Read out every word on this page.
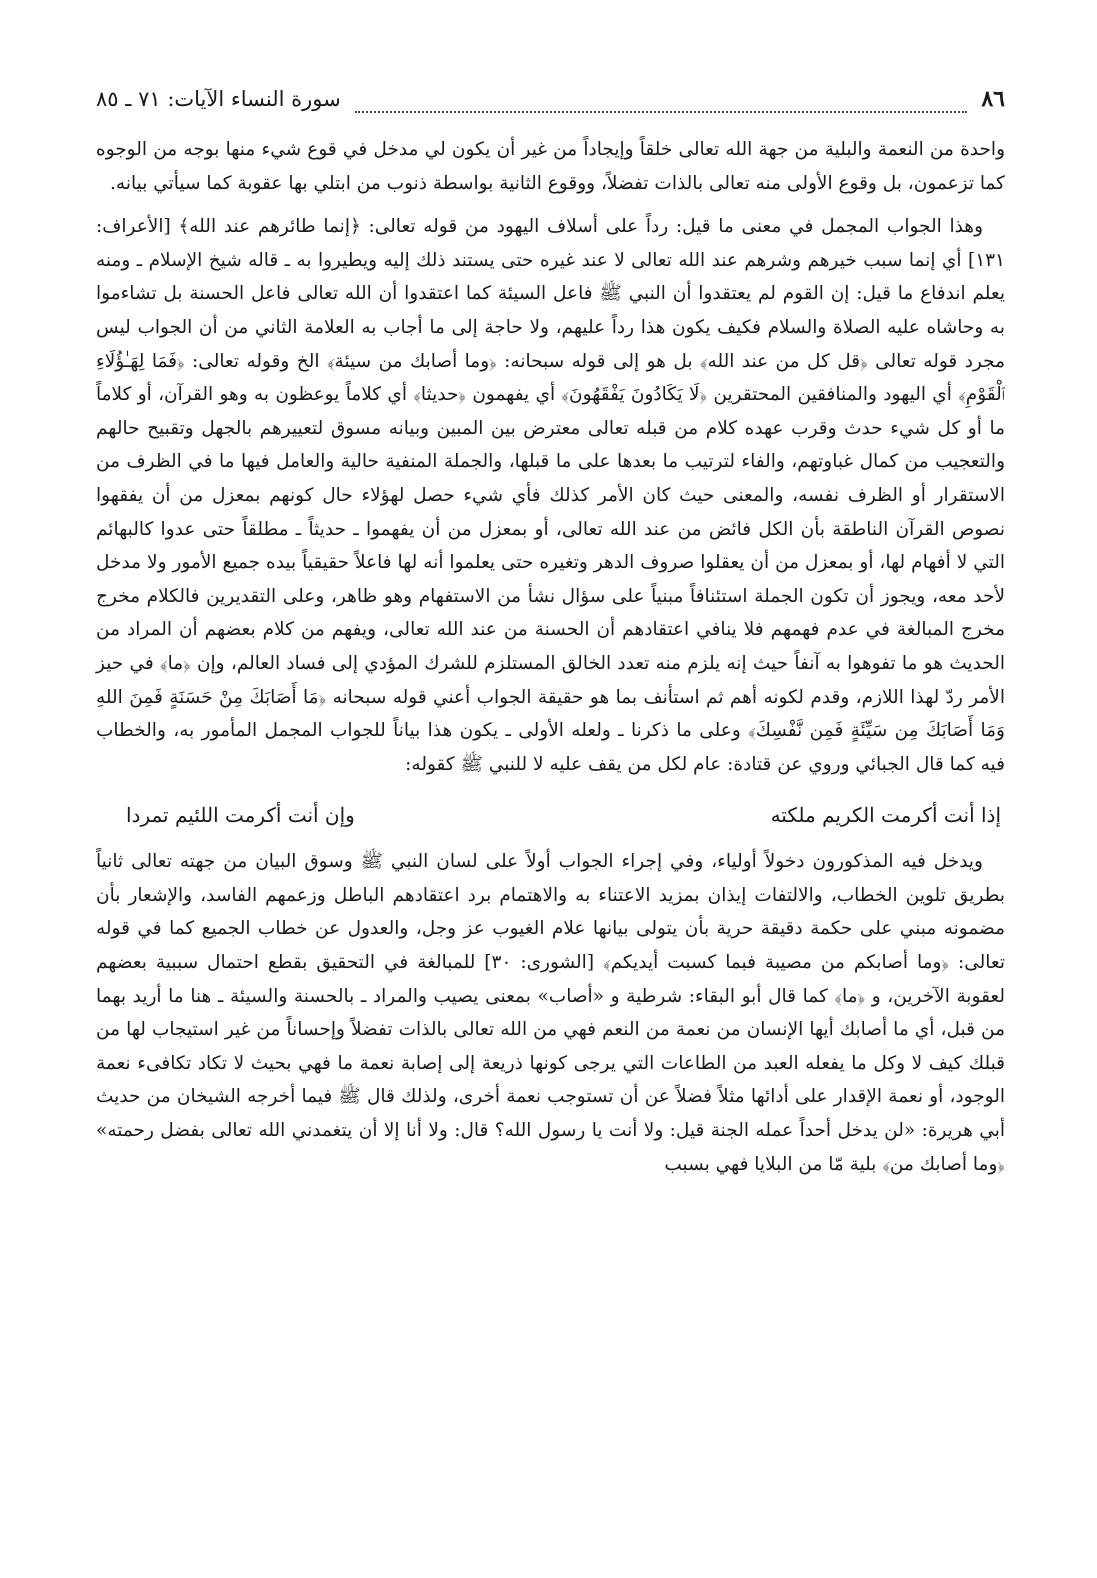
٨٦
سورة النساء الآيات: ٧١ ـ ٨٥

واحدة من النعمة والبلية من جهة الله تعالى خلقاً وإيجاداً من غير أن يكون لي مدخل في قوع شيء منها بوجه من الوجوه كما تزعمون، بل وقوع الأولى منه تعالى بالذات تفضلاً، ووقوع الثانية بواسطة ذنوب من ابتلي بها عقوبة كما سيأتي بيانه.

وهذا الجواب المجمل في معنى ما قيل: رداً على أسلاف اليهود من قوله تعالى: ﴿إنما طائرهم عند الله﴾ [الأعراف: ١٣١] أي إنما سبب خيرهم وشرهم عند الله تعالى لا عند غيره حتى يستند ذلك إليه ويطيروا به ـ قاله شيخ الإسلام ـ ومنه يعلم اندفاع ما قيل: إن القوم لم يعتقدوا أن النبي ﷺ فاعل السيئة كما اعتقدوا أن الله تعالى فاعل الحسنة بل تشاءموا به وحاشاه عليه الصلاة والسلام فكيف يكون هذا رداً عليهم، ولا حاجة إلى ما أجاب به العلامة الثاني من أن الجواب ليس مجرد قوله تعالى ﴿قل كل من عند الله﴾ بل هو إلى قوله سبحانه: ﴿وما أصابك من سيئة﴾ الخ وقوله تعالى: ﴿فَمَا لِهَـٰؤُلَاءِ ٱلْقَوْمِ﴾ أي اليهود والمنافقين المحتقرين ﴿لَا يَكَادُونَ يَفْقَهُونَ﴾ أي يفهمون ﴿حديثا﴾ أي كلاماً يوعظون به وهو القرآن، أو كلاماً ما أو كل شيء حدث وقرب عهده كلام من قبله تعالى معترض بين المبين وبيانه مسوق لتعييرهم بالجهل وتقبيح حالهم والتعجيب من كمال غباوتهم، والفاء لترتيب ما بعدها على ما قبلها، والجملة المنفية حالية والعامل فيها ما في الظرف من الاستقرار أو الظرف نفسه، والمعنى حيث كان الأمر كذلك فأي شيء حصل لهؤلاء حال كونهم بمعزل من أن يفقهوا نصوص القرآن الناطقة بأن الكل فائض من عند الله تعالى، أو بمعزل من أن يفهموا ـ حديثاً ـ مطلقاً حتى عدوا كالبهائم التي لا أفهام لها، أو بمعزل من أن يعقلوا صروف الدهر وتغيره حتى يعلموا أنه لها فاعلاً حقيقياً بيده جميع الأمور ولا مدخل لأحد معه، ويجوز أن تكون الجملة استئنافاً مبنياً على سؤال نشأ من الاستفهام وهو ظاهر، وعلى التقديرين فالكلام مخرج مخرج المبالغة في عدم فهمهم فلا ينافي اعتقادهم أن الحسنة من عند الله تعالى، ويفهم من كلام بعضهم أن المراد من الحديث هو ما تفوهوا به آنفاً حيث إنه يلزم منه تعدد الخالق المستلزم للشرك المؤدي إلى فساد العالم، وإن ﴿ما﴾ في حيز الأمر ردّ لهذا اللازم، وقدم لكونه أهم ثم استأنف بما هو حقيقة الجواب أعني قوله سبحانه ﴿مَا أَصَابَكَ مِنْ حَسَنَةٍ فَمِنَ اللهِ وَمَا أَصَابَكَ مِن سَيِّئَةٍ فَمِن نَّفْسِكَ﴾ وعلى ما ذكرنا ـ ولعله الأولى ـ يكون هذا بياناً للجواب المجمل المأمور به، والخطاب فيه كما قال الجبائي وروي عن قتادة: عام لكل من يقف عليه لا للنبي ﷺ كقوله:

إذا أنت أكرمت الكريم ملكته
وإن أنت أكرمت اللئيم تمردا

ويدخل فيه المذكورون دخولاً أولياء، وفي إجراء الجواب أولاً على لسان النبي ﷺ وسوق البيان من جهته تعالى ثانياً بطريق تلوين الخطاب، والالتفات إيذان بمزيد الاعتناء به والاهتمام برد اعتقادهم الباطل وزعمهم الفاسد، والإشعار بأن مضمونه مبني على حكمة دقيقة حرية بأن يتولى بيانها علام الغيوب عز وجل، والعدول عن خطاب الجميع كما في قوله تعالى: ﴿وما أصابكم من مصيبة فبما كسبت أيديكم﴾ [الشورى: ٣٠] للمبالغة في التحقيق بقطع احتمال سببية بعضهم لعقوبة الآخرين، و ﴿ما﴾ كما قال أبو البقاء: شرطية و «أصاب» بمعنى يصيب والمراد ـ بالحسنة والسيئة ـ هنا ما أريد بهما من قبل، أي ما أصابك أيها الإنسان من نعمة من النعم فهي من الله تعالى بالذات تفضلاً وإحساناً من غير استيجاب لها من قبلك كيف لا وكل ما يفعله العبد من الطاعات التي يرجى كونها ذريعة إلى إصابة نعمة ما فهي بحيث لا تكاد تكافىء نعمة الوجود، أو نعمة الإقدار على أدائها مثلاً فضلاً عن أن تستوجب نعمة أخرى، ولذلك قال ﷺ فيما أخرجه الشيخان من حديث أبي هريرة: «لن يدخل أحداً عمله الجنة قيل: ولا أنت يا رسول الله؟ قال: ولا أنا إلا أن يتغمدني الله تعالى بفضل رحمته» ﴿وما أصابك من﴾ بلية مّا من البلايا فهي بسبب
